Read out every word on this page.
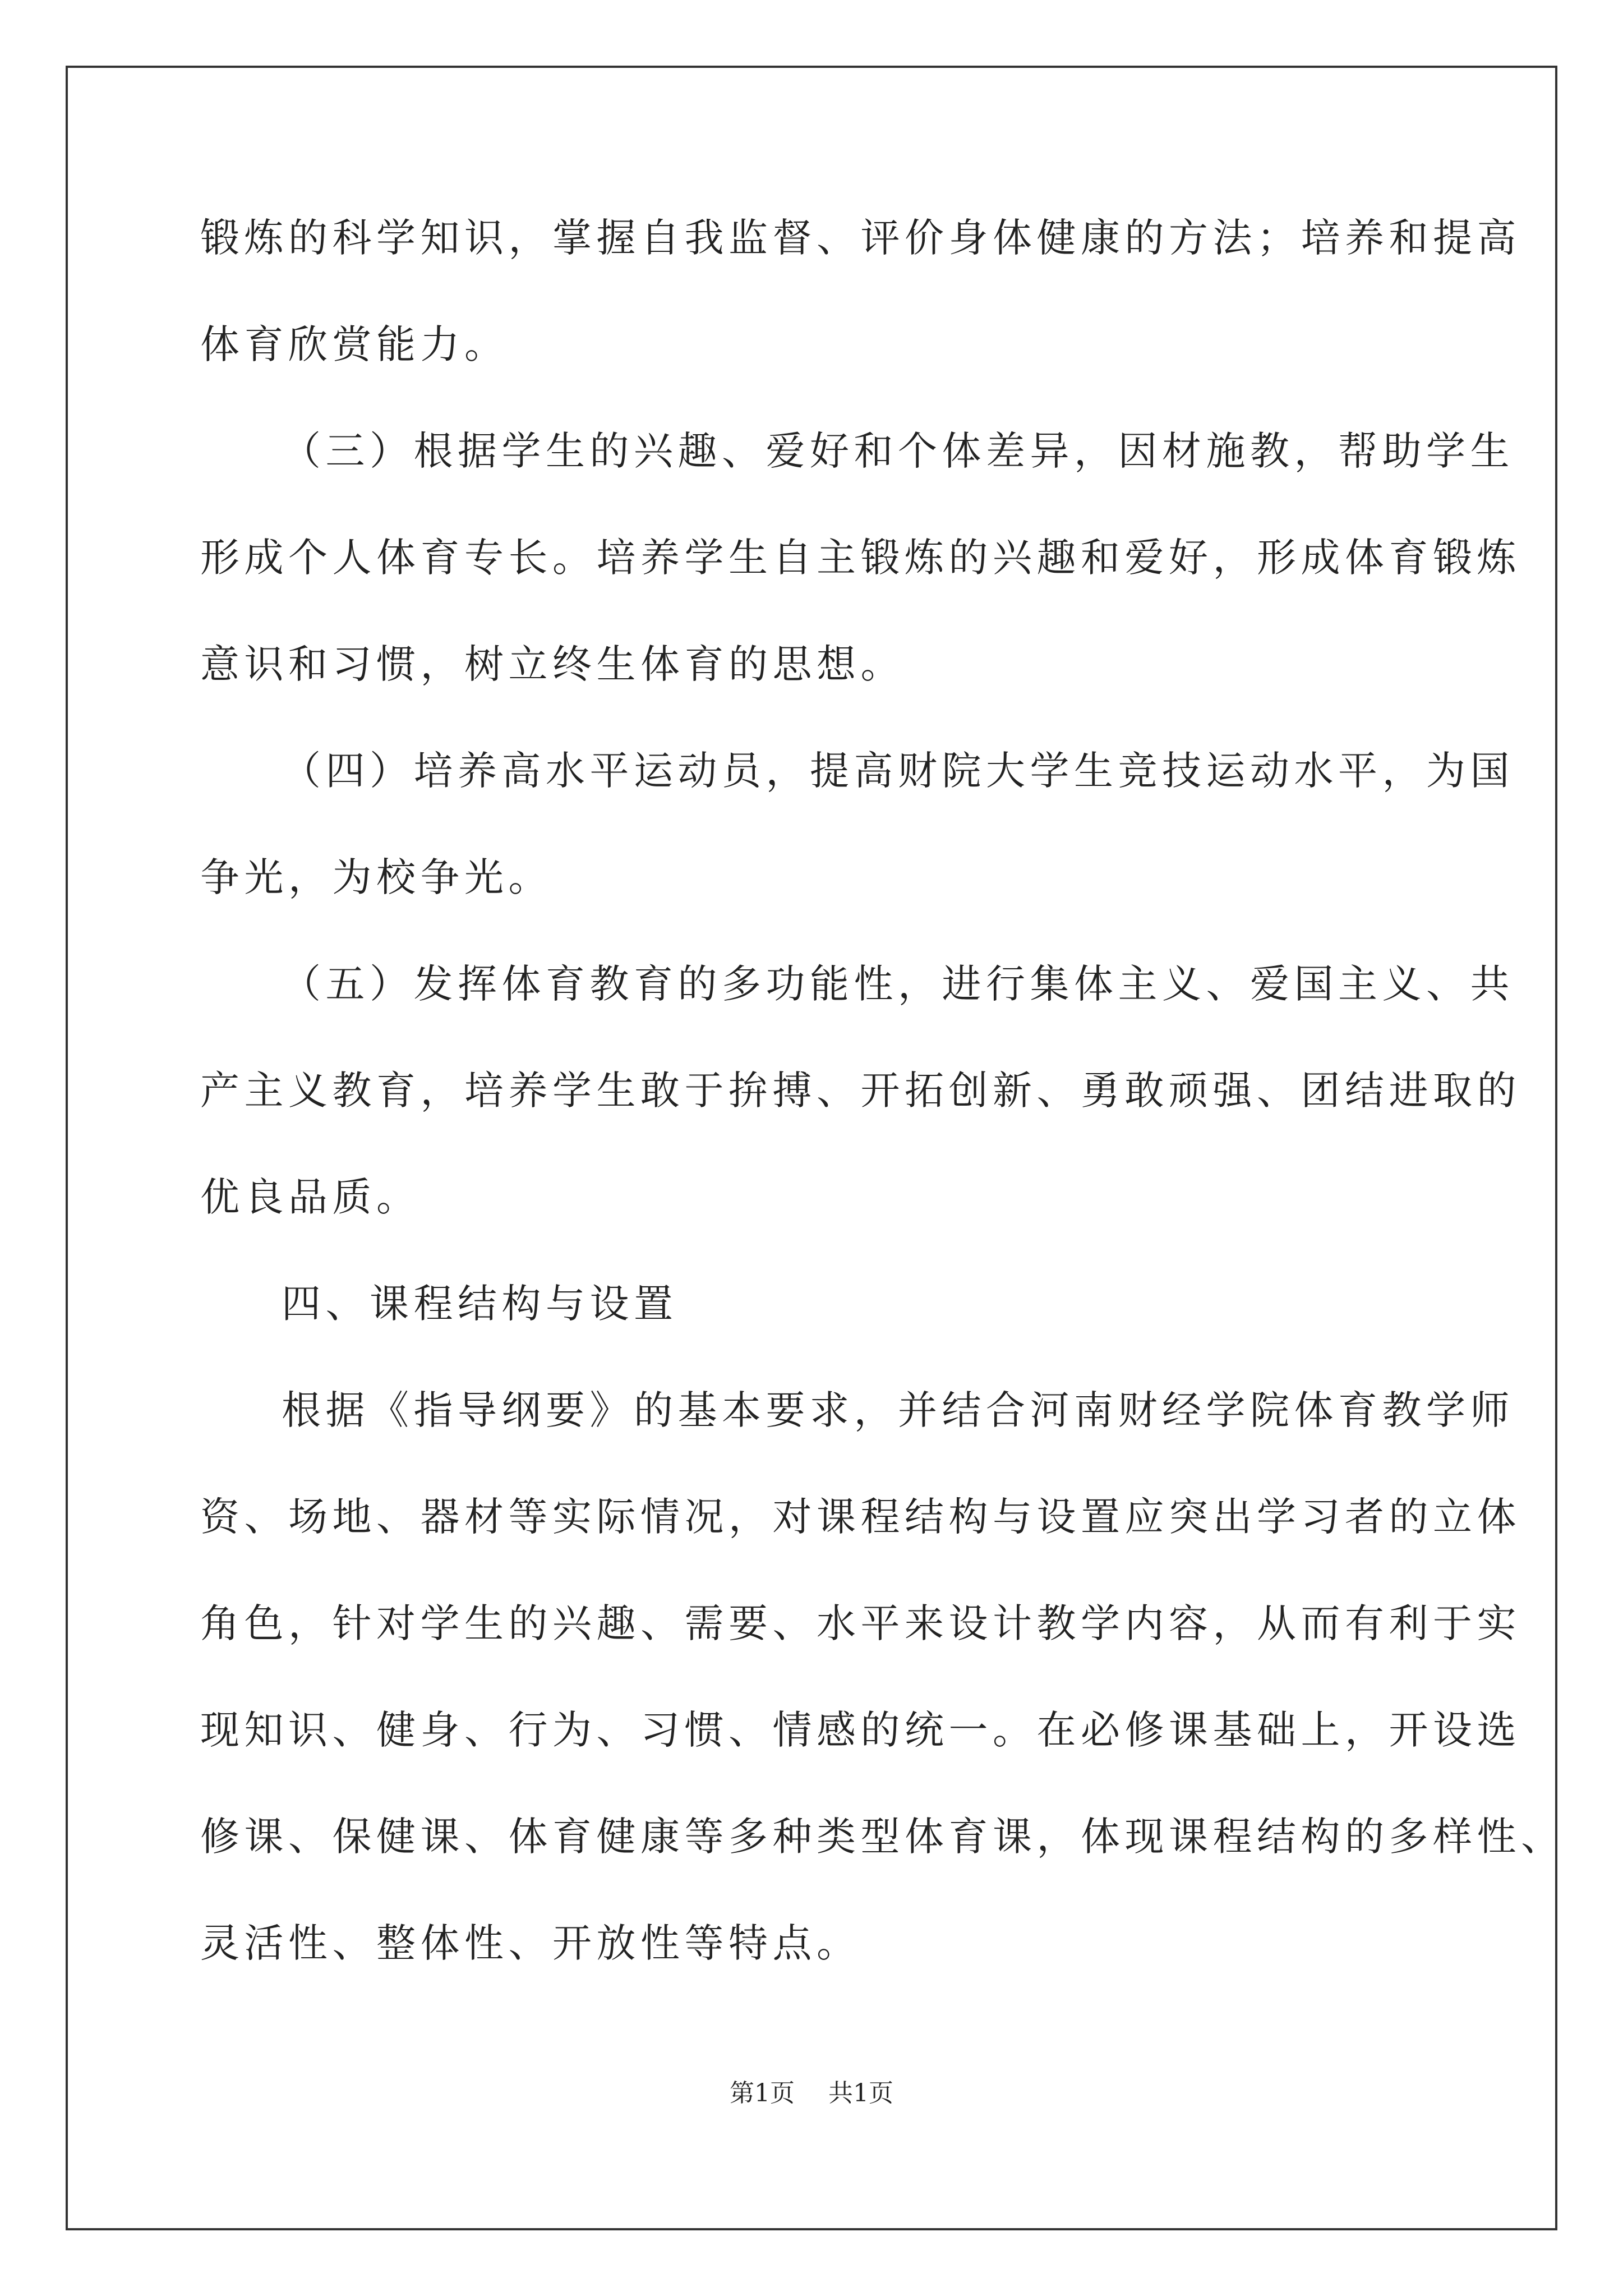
锻炼的科学知识，掌握自我监督、评价身体健康的方法；培养和提高
体育欣赏能力。
（三）根据学生的兴趣、爱好和个体差异，因材施教，帮助学生
形成个人体育专长。培养学生自主锻炼的兴趣和爱好，形成体育锻炼
意识和习惯，树立终生体育的思想。
（四）培养高水平运动员，提高财院大学生竞技运动水平，为国
争光，为校争光。
（五）发挥体育教育的多功能性，进行集体主义、爱国主义、共
产主义教育，培养学生敢于拚搏、开拓创新、勇敢顽强、团结进取的
优良品质。
四、课程结构与设置
根据《指导纲要》的基本要求，并结合河南财经学院体育教学师
资、场地、器材等实际情况，对课程结构与设置应突出学习者的立体
角色，针对学生的兴趣、需要、水平来设计教学内容，从而有利于实
现知识、健身、行为、习惯、情感的统一。在必修课基础上，开设选
修课、保健课、体育健康等多种类型体育课，体现课程结构的多样性、
灵活性、整体性、开放性等特点。
第1页 共1页
